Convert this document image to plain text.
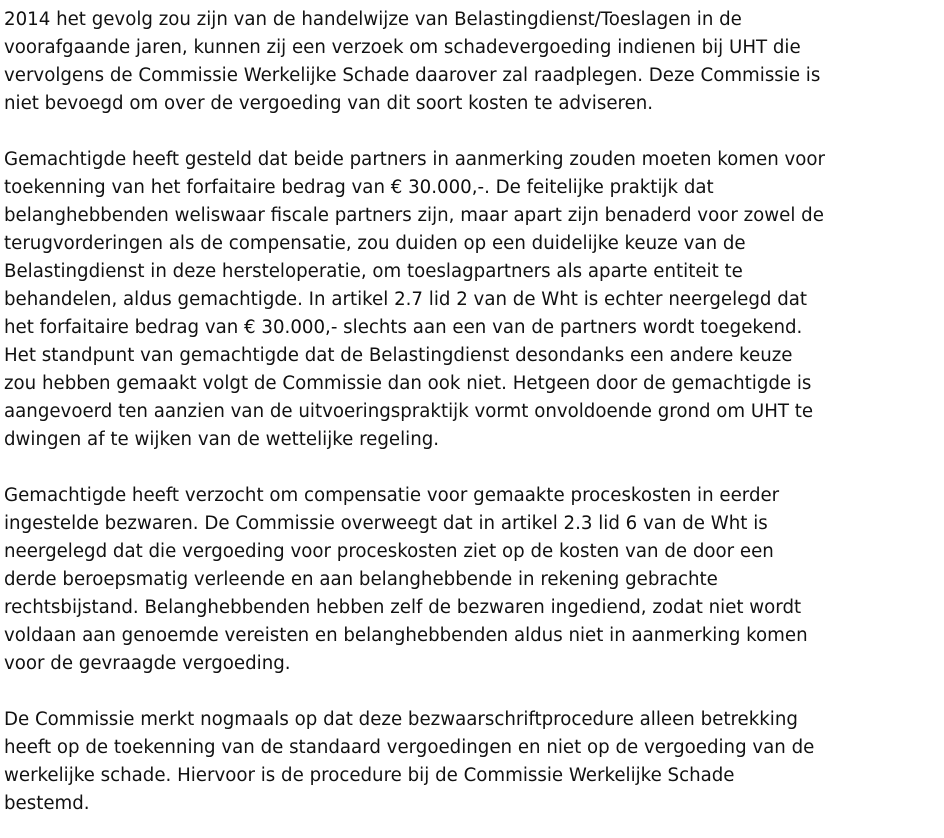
2014 het gevolg zou zijn van de handelwijze van Belastingdienst/Toeslagen in de
voorafgaande jaren, kunnen zij een verzoek om schadevergoeding indienen bij UHT die
vervolgens de Commissie Werkelijke Schade daarover zal raadplegen. Deze Commissie is
niet bevoegd om over de vergoeding van dit soort kosten te adviseren.
Gemachtigde heeft gesteld dat beide partners in aanmerking zouden moeten komen voor
toekenning van het forfaitaire bedrag van € 30.000,-. De feitelijke praktijk dat
belanghebbenden weliswaar fiscale partners zijn, maar apart zijn benaderd voor zowel de
terugvorderingen als de compensatie, zou duiden op een duidelijke keuze van de
Belastingdienst in deze hersteloperatie, om toeslagpartners als aparte entiteit te
behandelen, aldus gemachtigde. In artikel 2.7 lid 2 van de Wht is echter neergelegd dat
het forfaitaire bedrag van € 30.000,- slechts aan een van de partners wordt toegekend.
Het standpunt van gemachtigde dat de Belastingdienst desondanks een andere keuze
zou hebben gemaakt volgt de Commissie dan ook niet. Hetgeen door de gemachtigde is
aangevoerd ten aanzien van de uitvoeringspraktijk vormt onvoldoende grond om UHT te
dwingen af te wijken van de wettelijke regeling.
Gemachtigde heeft verzocht om compensatie voor gemaakte proceskosten in eerder
ingestelde bezwaren. De Commissie overweegt dat in artikel 2.3 lid 6 van de Wht is
neergelegd dat die vergoeding voor proceskosten ziet op de kosten van de door een
derde beroepsmatig verleende en aan belanghebbende in rekening gebrachte
rechtsbijstand. Belanghebbenden hebben zelf de bezwaren ingediend, zodat niet wordt
voldaan aan genoemde vereisten en belanghebbenden aldus niet in aanmerking komen
voor de gevraagde vergoeding.
De Commissie merkt nogmaals op dat deze bezwaarschriftprocedure alleen betrekking
heeft op de toekenning van de standaard vergoedingen en niet op de vergoeding van de
werkelijke schade. Hiervoor is de procedure bij de Commissie Werkelijke Schade
bestemd.
